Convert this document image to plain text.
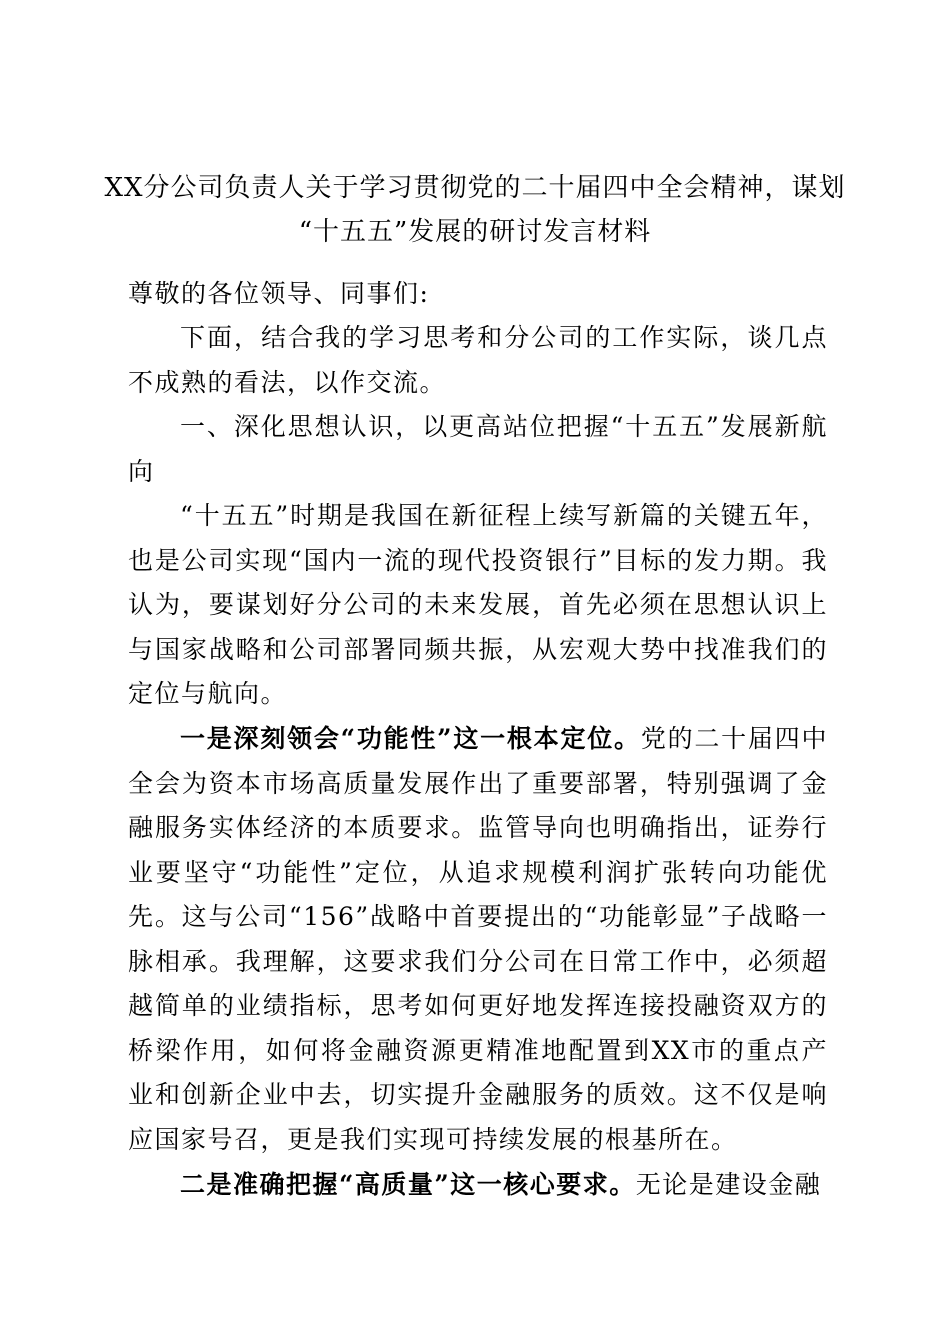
XX分公司负责人关于学习贯彻党的二十届四中全会精神，谋划
“十五五”发展的研讨发言材料

尊敬的各位领导、同事们:

下面，结合我的学习思考和分公司的工作实际，谈几点不成熟的看法，以作交流。

一、深化思想认识，以更高站位把握“十五五”发展新航向

“十五五”时期是我国在新征程上续写新篇的关键五年，也是公司实现“国内一流的现代投资银行”目标的发力期。我认为，要谋划好分公司的未来发展，首先必须在思想认识上与国家战略和公司部署同频共振，从宏观大势中找准我们的定位与航向。

一是深刻领会“功能性”这一根本定位。党的二十届四中全会为资本市场高质量发展作出了重要部署，特别强调了金融服务实体经济的本质要求。监管导向也明确指出，证券行业要坚守“功能性”定位，从追求规模利润扩张转向功能优先。这与公司“156”战略中首要提出的“功能彰显”子战略一脉相承。我理解，这要求我们分公司在日常工作中，必须超越简单的业绩指标，思考如何更好地发挥连接投融资双方的桥梁作用，如何将金融资源更精准地配置到XX市的重点产业和创新企业中去，切实提升金融服务的质效。这不仅是响应国家号召，更是我们实现可持续发展的根基所在。

二是准确把握“高质量”这一核心要求。无论是建设金融
